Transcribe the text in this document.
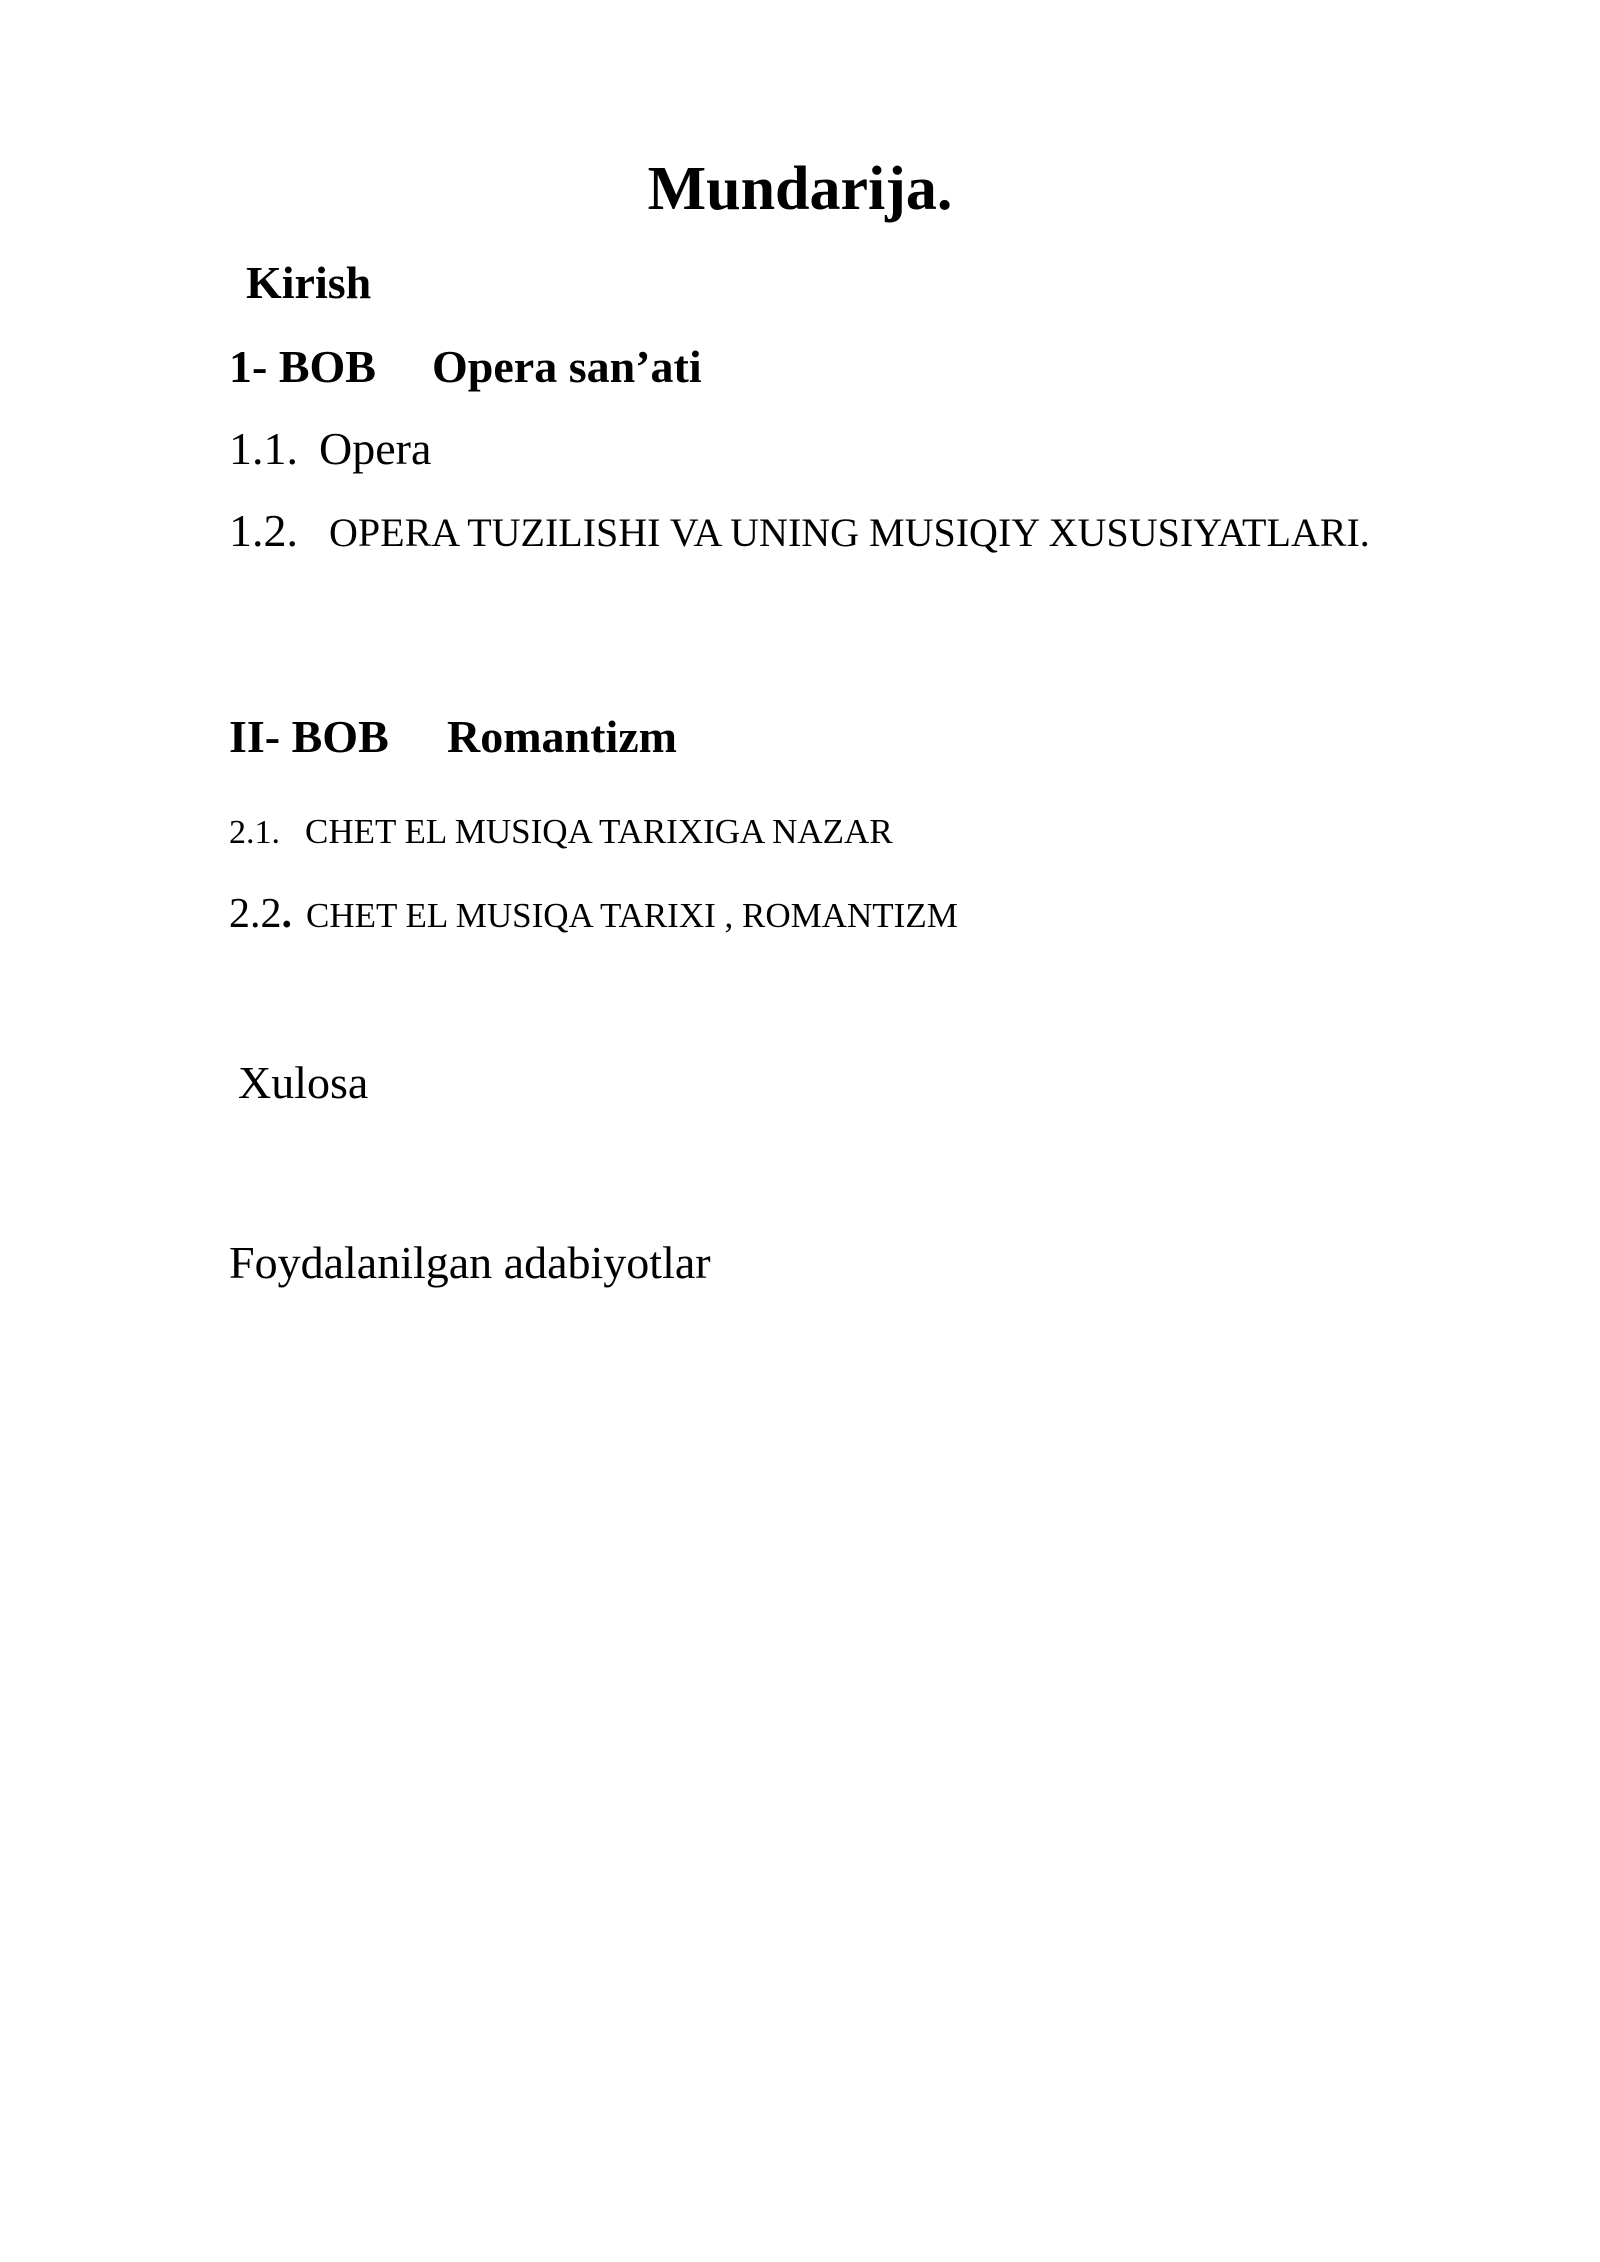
Mundarija.
Kirish
1- BOB Opera san’ati
1.1. Opera
1.2. OPERA TUZILISHI VA UNING MUSIQIY XUSUSIYATLARI.
II- BOB Romantizm
2.1. CHET EL MUSIQA TARIXIGA NAZAR
2.2. CHET EL MUSIQA TARIXI , ROMANTIZM
Xulosa
Foydalanilgan adabiyotlar
